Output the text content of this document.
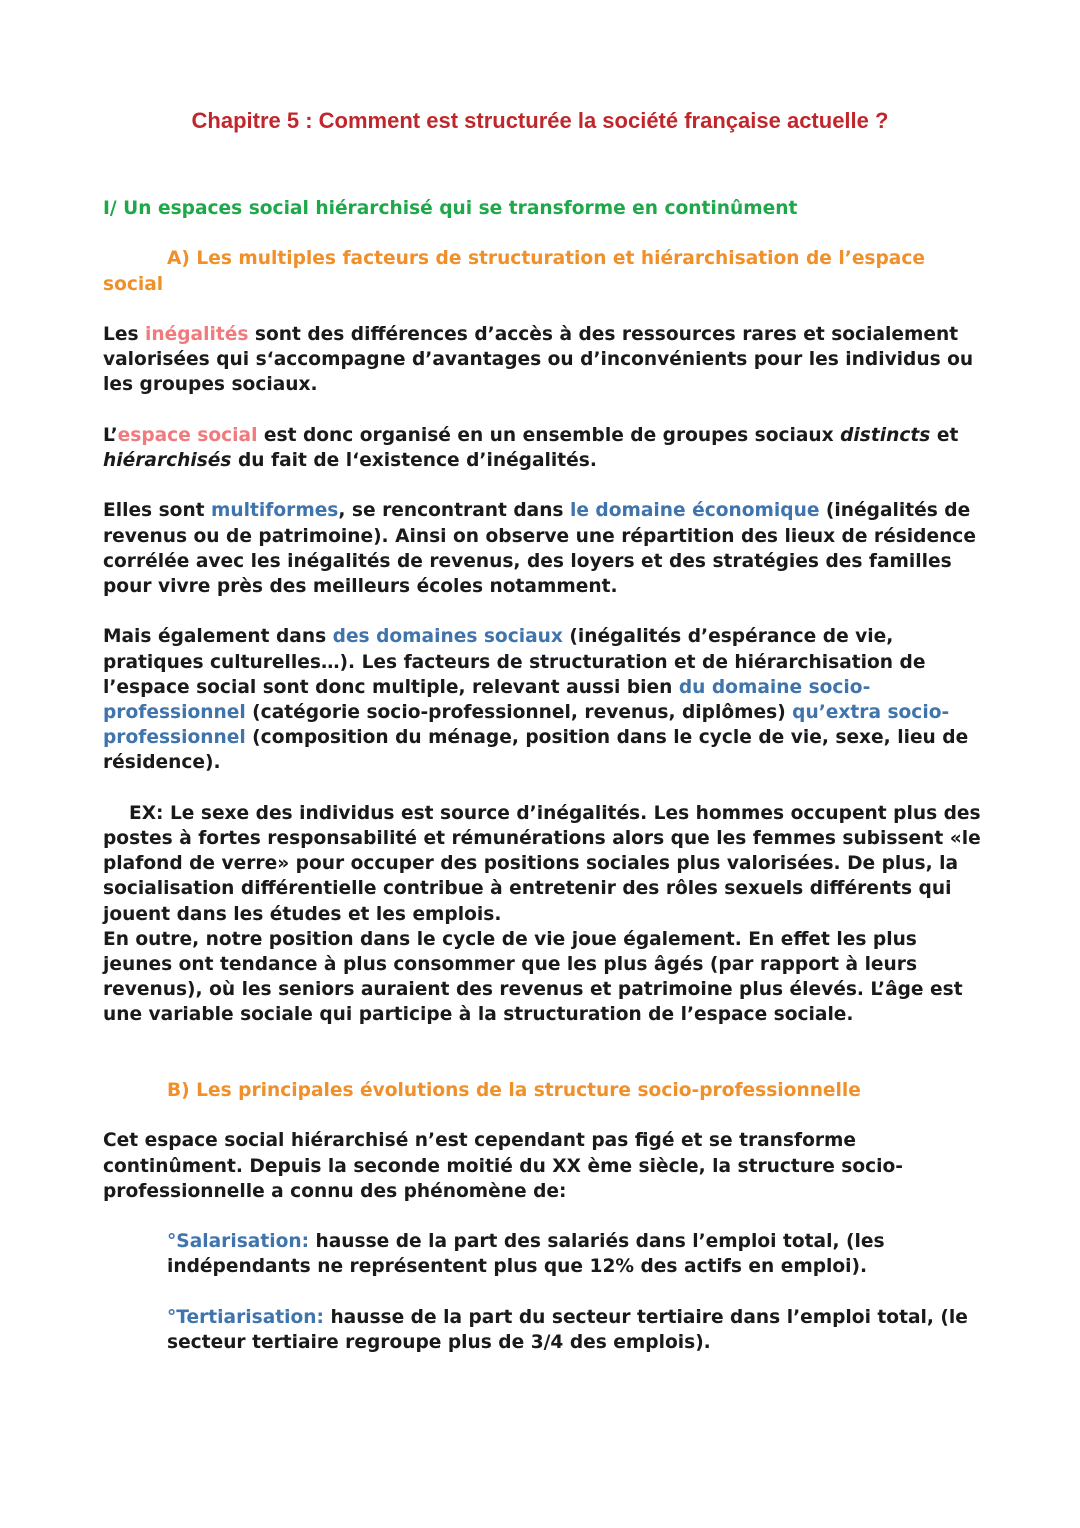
Chapitre 5 : Comment est structurée la société française actuelle ?

I/ Un espaces social hiérarchisé qui se transforme en continûment

A) Les multiples facteurs de structuration et hiérarchisation de l’espace social

Les inégalités sont des différences d’accès à des ressources rares et socialement valorisées qui s‘accompagne d’avantages ou d’inconvénients pour les individus ou les groupes sociaux.

L’espace social est donc organisé en un ensemble de groupes sociaux distincts et hiérarchisés du fait de l‘existence d’inégalités.

Elles sont multiformes, se rencontrant dans le domaine économique (inégalités de revenus ou de patrimoine). Ainsi on observe une répartition des lieux de résidence corrélée avec les inégalités de revenus, des loyers et des stratégies des familles pour vivre près des meilleurs écoles notamment.

Mais également dans des domaines sociaux (inégalités d’espérance de vie, pratiques culturelles…). Les facteurs de structuration et de hiérarchisation de l’espace social sont donc multiple, relevant aussi bien du domaine socio-professionnel (catégorie socio-professionnel, revenus, diplômes) qu’extra socio-professionnel (composition du ménage, position dans le cycle de vie, sexe, lieu de résidence).

EX: Le sexe des individus est source d’inégalités. Les hommes occupent plus des postes à fortes responsabilité et rémunérations alors que les femmes subissent «le plafond de verre» pour occuper des positions sociales plus valorisées. De plus, la socialisation différentielle contribue à entretenir des rôles sexuels différents qui jouent dans les études et les emplois.

En outre, notre position dans le cycle de vie joue également. En effet les plus jeunes ont tendance à plus consommer que les plus âgés (par rapport à leurs revenus), où les seniors auraient des revenus et patrimoine plus élevés. L’âge est une variable sociale qui participe à la structuration de l’espace sociale.

B) Les principales évolutions de la structure socio-professionnelle

Cet espace social hiérarchisé n’est cependant pas figé et se transforme continûment. Depuis la seconde moitié du XX ème siècle, la structure socio-professionnelle a connu des phénomène de:

°Salarisation: hausse de la part des salariés dans l’emploi total, (les indépendants ne représentent plus que 12% des actifs en emploi).

°Tertiarisation: hausse de la part du secteur tertiaire dans l’emploi total, (le secteur tertiaire regroupe plus de 3/4 des emplois).
